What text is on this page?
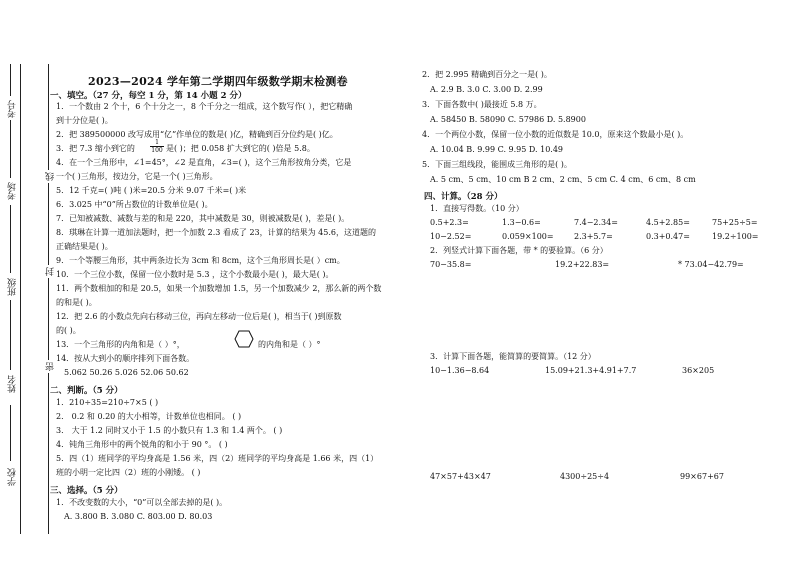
学校
姓名
班级
考场
考号
密
封
线
2023—2024 学年第二学期四年级数学期末检测卷
一、填空。（27 分，每空 1 分，第 14 小题 2 分）
1．一个数由 2 个十，6 个十分之一，8 个千分之一组成，这个数写作( ），把它精确
到十分位是( )。
2．把 389500000 改写成用“亿”作单位的数是( )亿，精确到百分位约是( )亿。
3．把 7.3 缩小到它的	$\frac{1}{100}$ 是( )；把 0.058 扩大到它的( )倍是 5.8。
4．在一个三角形中，∠1=45°，∠2 是直角，∠3=( )，这个三角形按角分类，它是
一个( )三角形，按边分，它是一个( )三角形。
5．12 千克=( )吨 ( )米=20.5 分米 9.07 千米=( )米
6．3.025 中“0”所占数位的计数单位是( )。
7．已知被减数、减数与差的和是 220，其中减数是 30，则被减数是( )，差是( )。
8．琪琳在计算一道加法题时，把一个加数 2.3 看成了 23，计算的结果为 45.6，这道题的
正确结果是( )。
9．一个等腰三角形，其中两条边长为 3cm 和 8cm，这个三角形周长是( ）cm。
10．一个三位小数，保留一位小数时是 5.3 ，这个小数最小是( )，最大是( )。
11．两个数相加的和是 20.5，如果一个加数增加 1.5，另一个加数减少 2，那么新的两个数
的和是( )。
12．把 2.6 的小数点先向右移动三位，再向左移动一位后是( )，相当于( )到原数
的( )。
13．一个三角形的内角和是（ ）°，	的内角和是（ ）°
14．按从大到小的顺序排列下面各数。
5.062 50.26 5.026 52.06 50.62
二、判断。（5 分）
1．210÷35=210÷7×5 ( )
2． 0.2 和 0.20 的大小相等，计数单位也相同。 ( )
3． 大于 1.2 同时又小于 1.5 的小数只有 1.3 和 1.4 两个。 ( )
4．钝角三角形中的两个锐角的和小于 90 °。 ( )
5．四（1）班同学的平均身高是 1.56 米，四（2）班同学的平均身高是 1.66 米，四（1）
班的小明一定比四（2）班的小刚矮。 ( )
三、选择。（5 分）
1．不改变数的大小，“0”可以全部去掉的是( )。
A. 3.800 B. 3.080 C. 803.00 D. 80.03
2．把 2.995 精确到百分之一是( )。
A. 2.9 B. 3.0 C. 3.00 D. 2.99
3．下面各数中( )最接近 5.8 万。
A. 58450 B. 58090 C. 57986 D. 5.8900
4．一个两位小数，保留一位小数的近似数是 10.0，原来这个数最小是( )。
A. 10.04 B. 9.99 C. 9.95 D. 10.49
5．下面三组线段，能围成三角形的是( )。
A. 5 cm、5 cm、10 cm B 2 cm、2 cm、5 cm C. 4 cm、6 cm、8 cm
四、计算。（28 分）
1．直接写得数。（10 分）
0.5+2.3=	1.3−0.6=	7.4−2.34=	4.5+2.85=	75+25÷5=
10−2.52=	0.059×100=	2.3+5.7=	0.3+0.47=	19.2÷100=
2．列竖式计算下面各题，带 * 的要验算。（6 分）
70−35.8=	19.2+22.83=	* 73.04−42.79=
3．计算下面各题，能简算的要简算。（12 分）
10−1.36−8.64	15.09+21.3+4.91+7.7	36×205
47×57+43×47	4300÷25÷4	99×67+67
